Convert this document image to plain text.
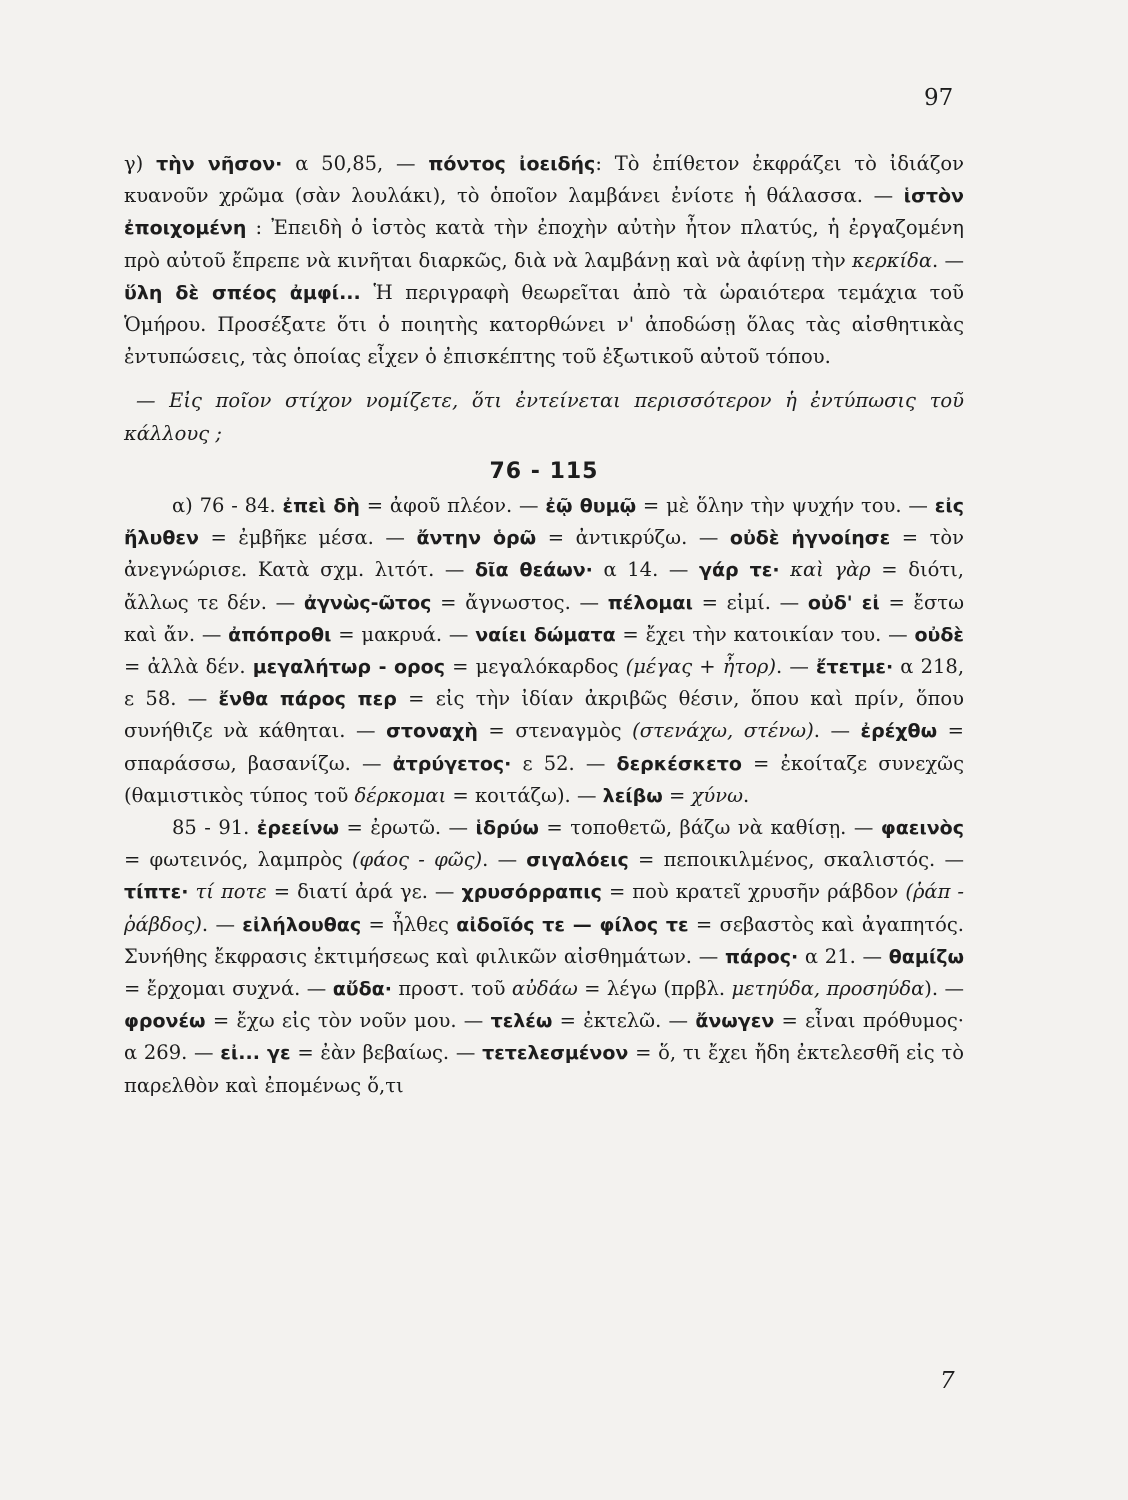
97

γ) τὴν νῆσον· α 50,85, — πόντος ἰοειδής: Τὸ ἐπίθετον ἐκφράζει τὸ ἰδιάζον κυανοῦν χρῶμα (σὰν λουλάκι), τὸ ὁποῖον λαμβάνει ἐνίοτε ἡ θάλασσα. — ἱστὸν ἐποιχομένη : Ἐπειδὴ ὁ ἱστὸς κατὰ τὴν ἐποχὴν αὐτὴν ἦτον πλατύς, ἡ ἐργαζομένη πρὸ αὐτοῦ ἔπρεπε νὰ κινῆται διαρκῶς, διὰ νὰ λαμβάνῃ καὶ νὰ ἀφίνῃ τὴν κερκίδα. — ὕλη δὲ σπέος ἀμφί... Ἡ περιγραφὴ θεωρεῖται ἀπὸ τὰ ὡραιότερα τεμάχια τοῦ Ὁμήρου. Προσέξατε ὅτι ὁ ποιητὴς κατορθώνει ν' ἀποδώσῃ ὅλας τὰς αἰσθητικὰς ἐντυπώσεις, τὰς ὁποίας εἶχεν ὁ ἐπισκέπτης τοῦ ἐξωτικοῦ αὐτοῦ τόπου.

— Εἰς ποῖον στίχον νομίζετε, ὅτι ἐντείνεται περισσότερον ἡ ἐντύπωσις τοῦ κάλλους ;

76 - 115

α) 76 - 84. ἐπεὶ δὴ = ἀφοῦ πλέον. — ἐῷ θυμῷ = μὲ ὅλην τὴν ψυχήν του. — εἰς ἤλυθεν = ἐμβῆκε μέσα. — ἄντην ὁρῶ = ἀντικρύζω. — οὐδὲ ἠγνοίησε = τὸν ἀνεγνώρισε. Κατὰ σχμ. λιτότ. — δῖα θεάων· α 14. — γάρ τε· καὶ γὰρ = διότι, ἄλλως τε δέν. — ἀγνὼς-ῶτος = ἄγνωστος. — πέλομαι = εἰμί. — οὐδ' εἰ = ἔστω καὶ ἄν. — ἀπόπροθι = μακρυά. — ναίει δώματα = ἔχει τὴν κατοικίαν του. — οὐδὲ = ἀλλὰ δέν. μεγαλήτωρ - ορος = μεγαλόκαρδος (μέγας + ἦτορ). — ἔτετμε· α 218, ε 58. — ἔνθα πάρος περ = εἰς τὴν ἰδίαν ἀκριβῶς θέσιν, ὅπου καὶ πρίν, ὅπου συνήθιζε νὰ κάθηται. — στοναχὴ = στεναγμὸς (στενάχω, στένω). — ἐρέχθω = σπαράσσω, βασανίζω. — ἀτρύγετος· ε 52. — δερκέσκετο = ἐκοίταζε συνεχῶς (θαμιστικὸς τύπος τοῦ δέρκομαι = κοιτάζω). — λείβω = χύνω.

85 - 91. ἐρεείνω = ἐρωτῶ. — ἱδρύω = τοποθετῶ, βάζω νὰ καθίσῃ. — φαεινὸς = φωτεινός, λαμπρὸς (φάος - φῶς). — σιγαλόεις = πεποικιλμένος, σκαλιστός. — τίπτε· τί ποτε = διατί ἀρά γε. — χρυσόρραπις = ποὺ κρατεῖ χρυσῆν ράβδον (ῥάπ - ῥάβδος). — εἰλήλουθας = ἦλθες αἰδοῖός τε — φίλος τε = σεβαστὸς καὶ ἀγαπητός. Συνήθης ἔκφρασις ἐκτιμήσεως καὶ φιλικῶν αἰσθημάτων. — πάρος· α 21. — θαμίζω = ἔρχομαι συχνά. — αὔδα· προστ. τοῦ αὐδάω = λέγω (πρβλ. μετηύδα, προσηύδα). — φρονέω = ἔχω εἰς τὸν νοῦν μου. — τελέω = ἐκτελῶ. — ἄνωγεν = εἶναι πρόθυμος· α 269. — εἰ... γε = ἐὰν βεβαίως. — τετελεσμένον = ὅ, τι ἔχει ἤδη ἐκτελεσθῆ εἰς τὸ παρελθὸν καὶ ἐπομένως ὅ,τι

7
